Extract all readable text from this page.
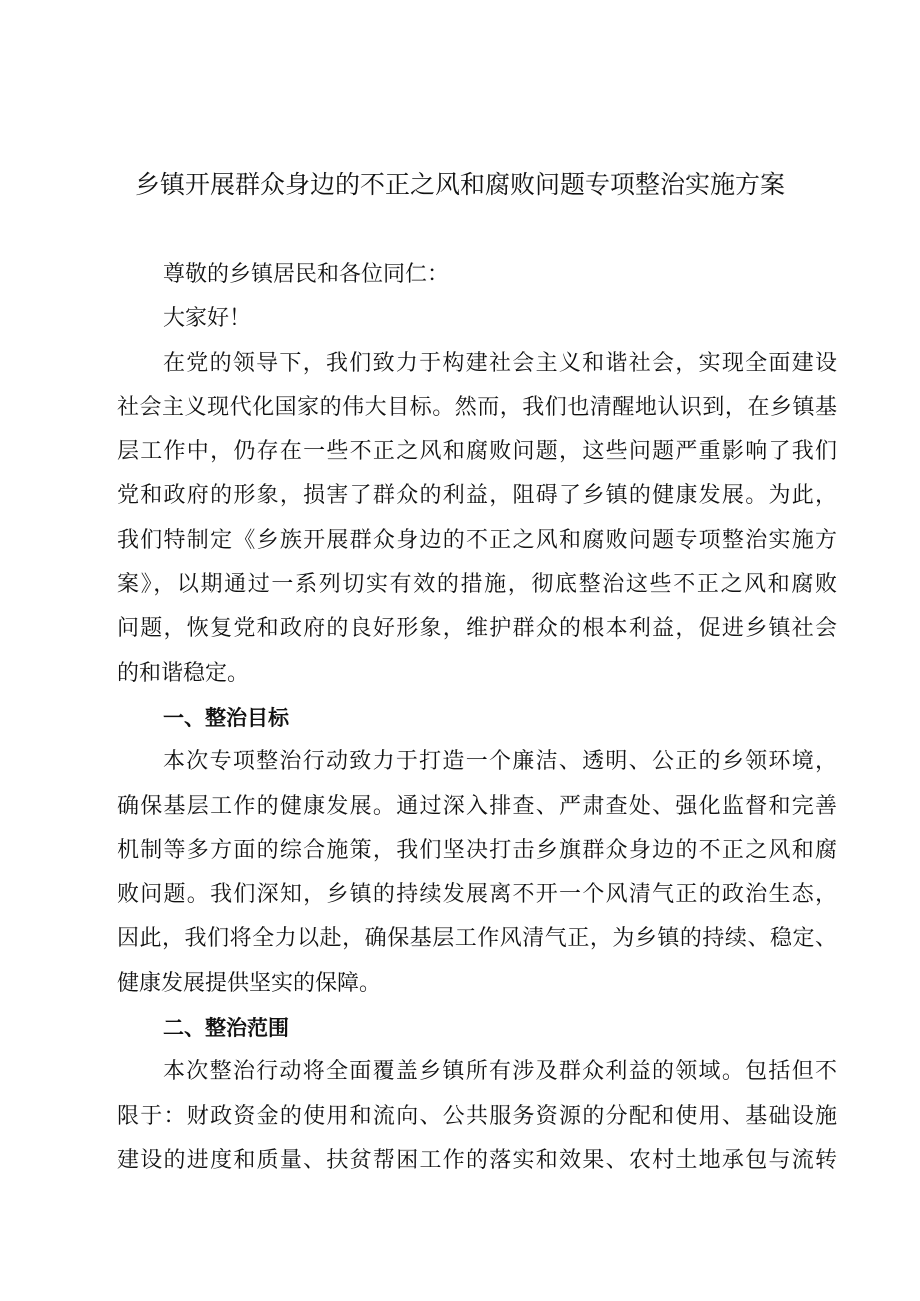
乡镇开展群众身边的不正之风和腐败问题专项整治实施方案
尊敬的乡镇居民和各位同仁：
大家好！
在党的领导下，我们致力于构建社会主义和谐社会，实现全面建设
社会主义现代化国家的伟大目标。然而，我们也清醒地认识到，在乡镇基
层工作中，仍存在一些不正之风和腐败问题，这些问题严重影响了我们
党和政府的形象，损害了群众的利益，阻碍了乡镇的健康发展。为此，
我们特制定《乡族开展群众身边的不正之风和腐败问题专项整治实施方
案》，以期通过一系列切实有效的措施，彻底整治这些不正之风和腐败
问题，恢复党和政府的良好形象，维护群众的根本利益，促进乡镇社会
的和谐稳定。
一、整治目标
本次专项整治行动致力于打造一个廉洁、透明、公正的乡领环境，
确保基层工作的健康发展。通过深入排查、严肃查处、强化监督和完善
机制等多方面的综合施策，我们坚决打击乡旗群众身边的不正之风和腐
败问题。我们深知，乡镇的持续发展离不开一个风清气正的政治生态，
因此，我们将全力以赴，确保基层工作风清气正，为乡镇的持续、稳定、
健康发展提供坚实的保障。
二、整治范围
本次整治行动将全面覆盖乡镇所有涉及群众利益的领域。包括但不
限于：财政资金的使用和流向、公共服务资源的分配和使用、基础设施
建设的进度和质量、扶贫帮困工作的落实和效果、农村土地承包与流转
